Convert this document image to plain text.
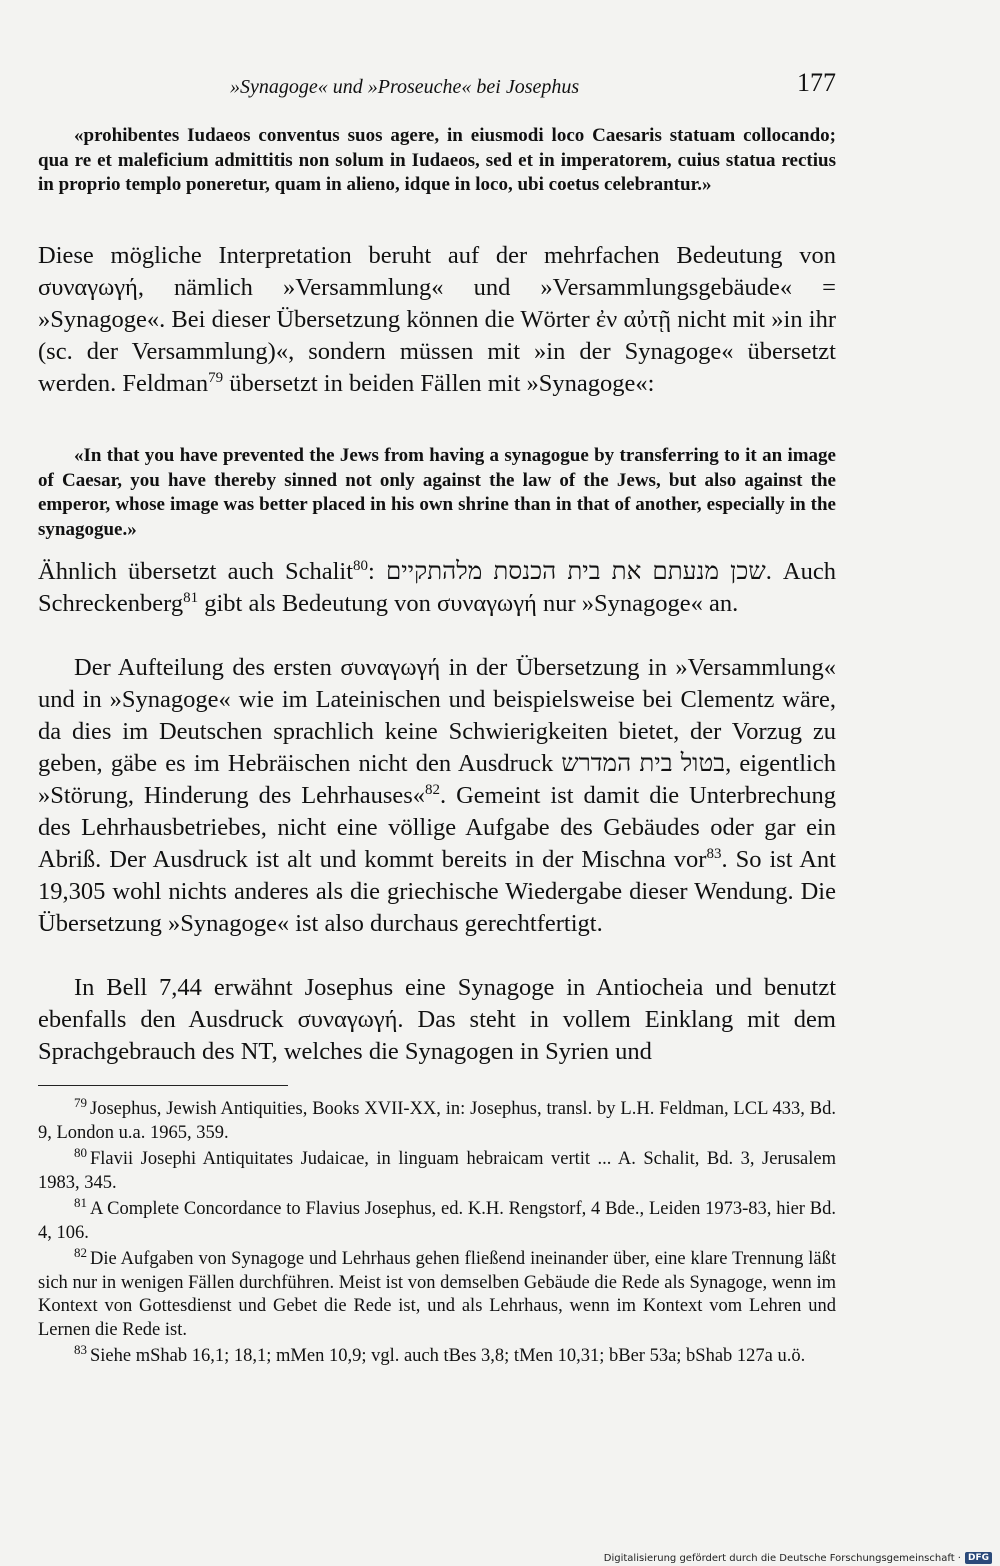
»Synagoge« und »Proseuche« bei Josephus	177
«prohibentes Iudaeos conventus suos agere, in eiusmodi loco Caesaris statuam collocando; qua re et maleficium admittitis non solum in Iudaeos, sed et in imperatorem, cuius statua rectius in proprio templo poneretur, quam in alieno, idque in loco, ubi coetus celebrantur.»

Diese mögliche Interpretation beruht auf der mehrfachen Bedeutung von συναγωγή, nämlich »Versammlung« und »Versammlungsgebäude« = »Synagoge«. Bei dieser Übersetzung können die Wörter ἐν αὐτῇ nicht mit »in ihr (sc. der Versammlung)«, sondern müssen mit »in der Synagoge« übersetzt werden. Feldman$^{79}$ übersetzt in beiden Fällen mit »Synagoge«:

«In that you have prevented the Jews from having a synagogue by transferring to it an image of Caesar, you have thereby sinned not only against the law of the Jews, but also against the emperor, whose image was better placed in his own shrine than in that of another, especially in the synagogue.»

Ähnlich übersetzt auch Schalit$^{80}$: שכן מנעתם את בית הכנסת מלהתקיים. Auch Schreckenberg$^{81}$ gibt als Bedeutung von συναγωγή nur »Synagoge« an.

Der Aufteilung des ersten συναγωγή in der Übersetzung in »Versammlung« und in »Synagoge« wie im Lateinischen und beispielsweise bei Clementz wäre, da dies im Deutschen sprachlich keine Schwierigkeiten bietet, der Vorzug zu geben, gäbe es im Hebräischen nicht den Ausdruck בטול בית המדרש, eigentlich »Störung, Hinderung des Lehrhauses«$^{82}$. Gemeint ist damit die Unterbrechung des Lehrhausbetriebes, nicht eine völlige Aufgabe des Gebäudes oder gar ein Abriß. Der Ausdruck ist alt und kommt bereits in der Mischna vor$^{83}$. So ist Ant 19,305 wohl nichts anderes als die griechische Wiedergabe dieser Wendung. Die Übersetzung »Synagoge« ist also durchaus gerechtfertigt.

In Bell 7,44 erwähnt Josephus eine Synagoge in Antiocheia und benutzt ebenfalls den Ausdruck συναγωγή. Das steht in vollem Einklang mit dem Sprachgebrauch des NT, welches die Synagogen in Syrien und

$^{79}$ Josephus, Jewish Antiquities, Books XVII-XX, in: Josephus, transl. by L.H. Feldman, LCL 433, Bd. 9, London u.a. 1965, 359.

$^{80}$ Flavii Josephi Antiquitates Judaicae, in linguam hebraicam vertit ... A. Schalit, Bd. 3, Jerusalem 1983, 345.

$^{81}$ A Complete Concordance to Flavius Josephus, ed. K.H. Rengstorf, 4 Bde., Leiden 1973-83, hier Bd. 4, 106.

$^{82}$ Die Aufgaben von Synagoge und Lehrhaus gehen fließend ineinander über, eine klare Trennung läßt sich nur in wenigen Fällen durchführen. Meist ist von demselben Gebäude die Rede als Synagoge, wenn im Kontext von Gottesdienst und Gebet die Rede ist, und als Lehrhaus, wenn im Kontext vom Lehren und Lernen die Rede ist.

$^{83}$ Siehe mShab 16,1; 18,1; mMen 10,9; vgl. auch tBes 3,8; tMen 10,31; bBer 53a; bShab 127a u.ö.

Digitalisierung gefördert durch die Deutsche Forschungsgemeinschaft · DFG
